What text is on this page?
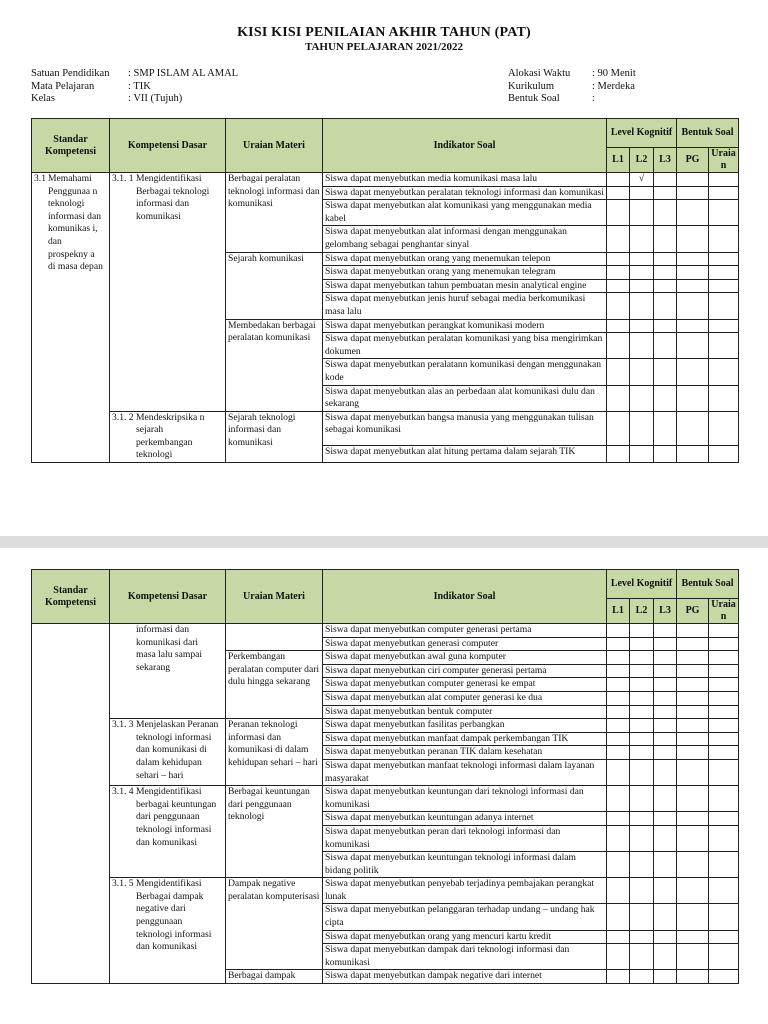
KISI KISI PENILAIAN AKHIR TAHUN (PAT)
TAHUN PELAJARAN 2021/2022
Satuan Pendidikan	: SMP ISLAM AL AMAL
Mata Pelajaran	: TIK
Kelas	: VII (Tujuh)
Alokasi Waktu	: 90 Menit
Kurikulum	: Merdeka
Bentuk Soal	:
Standar Kompetensi	Kompetensi Dasar	Uraian Materi	Indikator Soal	Level Kognitif			Bentuk Soal	
				L1	L2	L3	PG	Uraia n
3.1 Memahami Penggunaa n teknologi informasi dan komunikas i, dan prospekny a di masa depan	3.1. 1 Mengidentifikasi Berbagai teknologi informasi dan komunikasi	Berbagai peralatan teknologi informasi dan komunikasi	Siswa dapat menyebutkan media komunikasi masa lalu		√			
			Siswa dapat menyebutkan peralatan teknologi informasi dan komunikasi					
			Siswa dapat menyebutkan alat komunikasi yang menggunakan media kabel					
			Siswa dapat menyebutkan alat informasi dengan menggunakan gelombang sebagai penghantar sinyal					
		Sejarah komunikasi	Siswa dapat menyebutkan orang yang menemukan telepon					
			Siswa dapat menyebutkan orang yang menemukan telegram					
			Siswa dapat menyebutkan tahun pembuatan mesin analytical engine					
			Siswa dapat menyebutkan jenis huruf sebagai media berkomunikasi masa lalu					
		Membedakan berbagai peralatan komunikasi	Siswa dapat menyebutkan perangkat komunikasi modern					
			Siswa dapat menyebutkan peralatan komunikasi yang bisa mengirimkan dokumen					
			Siswa dapat menyebutkan peralatann komunikasi dengan menggunakan kode					
			Siswa dapat menyebutkan alas an perbedaan alat komunikasi dulu dan sekarang					
	3.1. 2 Mendeskripsika n sejarah perkembangan teknologi	Sejarah teknologi informasi dan komunikasi	Siswa dapat menyebutkan bangsa manusia yang menggunakan tulisan sebagai komunikasi					
			Siswa dapat menyebutkan alat hitung pertama dalam sejarah TIK					
Standar Kompetensi	Kompetensi Dasar	Uraian Materi	Indikator Soal	Level Kognitif			Bentuk Soal	
				L1	L2	L3	PG	Uraia n
	informasi dan komunikasi dari masa lalu sampai sekarang		Siswa dapat menyebutkan computer generasi pertama					
			Siswa dapat menyebutkan generasi computer					
		Perkembangan peralatan computer dari dulu hingga sekarang	Siswa dapat menyebutkan awal guna komputer					
			Siswa dapat menyebutkan ciri computer generasi pertama					
			Siswa dapat menyebutkan computer generasi ke empat					
			Siswa dapat menyebutkan alat computer generasi ke dua					
			Siswa dapat menyebutkan bentuk computer					
	3.1. 3 Menjelaskan Peranan teknologi informasi dan komunikasi di dalam kehidupan sehari – hari	Peranan teknologi informasi dan komunikasi di dalam kehidupan sehari – hari	Siswa dapat menyebutkan fasilitas perbangkan					
			Siswa dapat menyebutkan manfaat dampak perkembangan TIK					
			Siswa dapat menyebutkan peranan TIK dalam kesehatan					
			Siswa dapat menyebutkan manfaat teknologi informasi dalam layanan masyarakat					
	3.1. 4 Mengidentifikasi berbagai keuntungan dari penggunaan teknologi informasi dan komunikasi	Berbagai keuntungan dari penggunaan teknologi	Siswa dapat menyebutkan keuntungan dari teknologi informasi dan komunikasi					
			Siswa dapat menyebutkan keuntungan adanya internet					
			Siswa dapat menyebutkan peran dari teknologi informasi dan komunikasi					
			Siswa dapat menyebutkan keuntungan teknologi informasi dalam bidang politik					
	3.1. 5 Mengidentifikasi Berbagai dampak negative dari penggunaan teknologi informasi dan komunikasi	Dampak negative peralatan komputerisasi	Siswa dapat menyebutkan penyebab terjadinya pembajakan perangkat lunak					
			Siswa dapat menyebutkan pelanggaran terhadap undang – undang hak cipta					
			Siswa dapat menyebutkan orang yang mencuri kartu kredit					
			Siswa dapat menyebutkan dampak dari teknologi informasi dan komunikasi					
		Berbagai dampak	Siswa dapat menyebutkan dampak negative dari internet					
